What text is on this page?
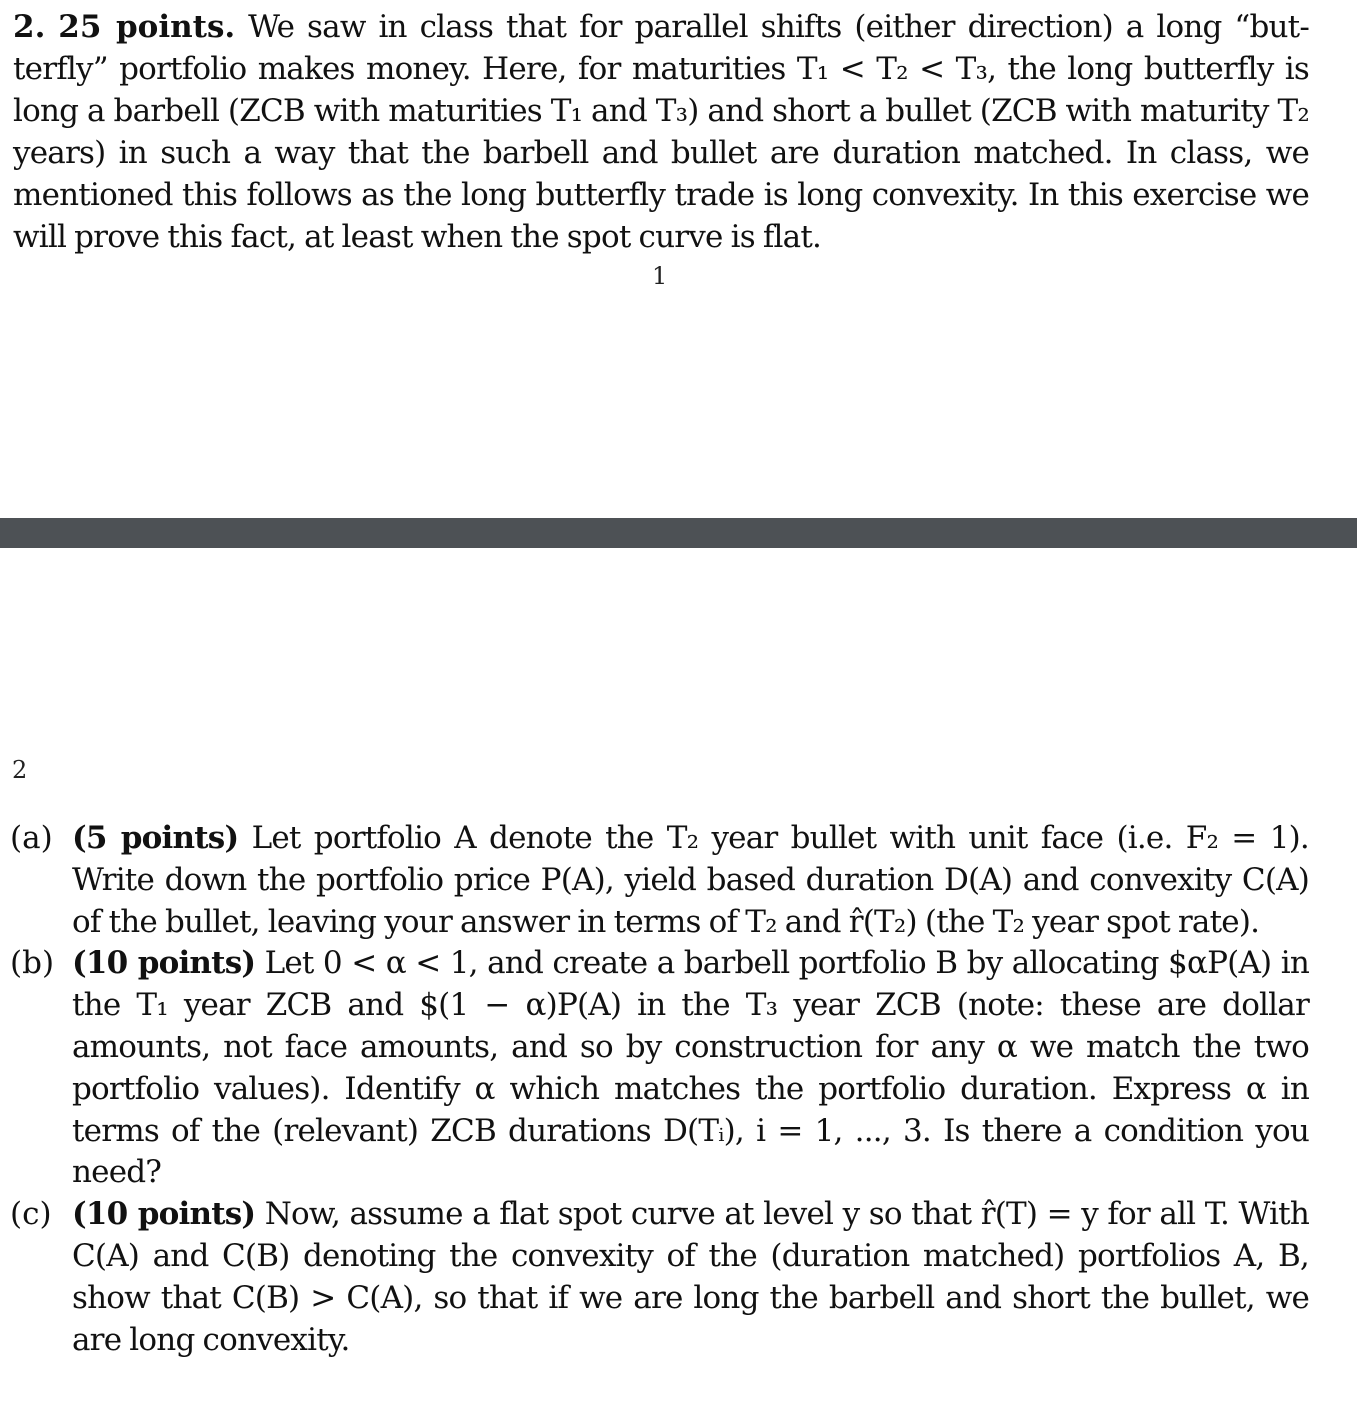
2. 25 points. We saw in class that for parallel shifts (either direction) a long “but- terfly” portfolio makes money. Here, for maturities T₁ < T₂ < T₃, the long butterfly is long a barbell (ZCB with maturities T₁ and T₃) and short a bullet (ZCB with maturity T₂ years) in such a way that the barbell and bullet are duration matched. In class, we mentioned this follows as the long butterfly trade is long convexity. In this exercise we will prove this fact, at least when the spot curve is flat.

1
2
(a) (5 points) Let portfolio A denote the T₂ year bullet with unit face (i.e. F₂ = 1). Write down the portfolio price P(A), yield based duration D(A) and convexity C(A) of the bullet, leaving your answer in terms of T₂ and r̂(T₂) (the T₂ year spot rate).
(b) (10 points) Let 0 < α < 1, and create a barbell portfolio B by allocating $αP(A) in the T₁ year ZCB and $(1 − α)P(A) in the T₃ year ZCB (note: these are dollar amounts, not face amounts, and so by construction for any α we match the two portfolio values). Identify α which matches the portfolio duration. Express α in terms of the (relevant) ZCB durations D(Tᵢ), i = 1, ..., 3. Is there a condition you need?
(c) (10 points) Now, assume a flat spot curve at level y so that r̂(T) = y for all T. With C(A) and C(B) denoting the convexity of the (duration matched) portfolios A, B, show that C(B) > C(A), so that if we are long the barbell and short the bullet, we are long convexity.
